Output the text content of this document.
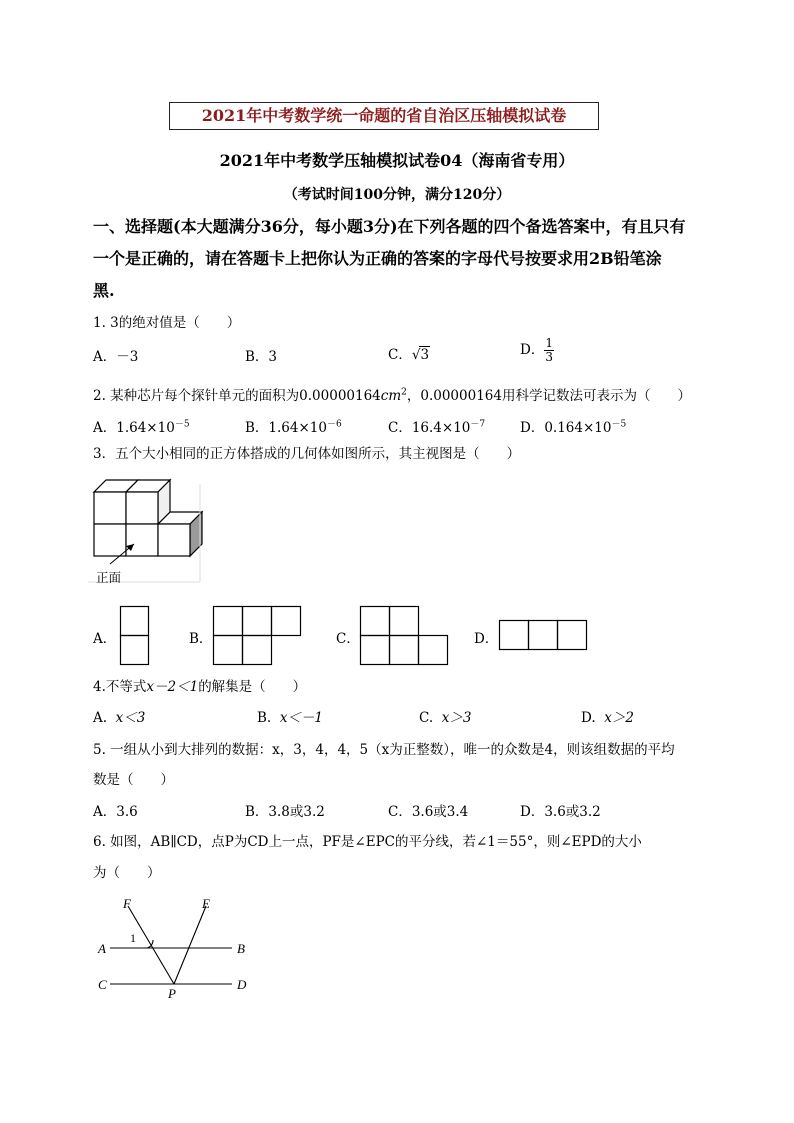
2021年中考数学统一命题的省自治区压轴模拟试卷
2021年中考数学压轴模拟试卷04（海南省专用）
（考试时间100分钟，满分120分）
一、选择题(本大题满分36分，每小题3分)在下列各题的四个备选答案中，有且只有
一个是正确的，请在答题卡上把你认为正确的答案的字母代号按要求用2B铅笔涂
黑.
1. 3的绝对值是（　　）
A．－3	B．3	C．√3	D． $\frac{1}{3}$
2. 某种芯片每个探针单元的面积为$0.00000164cm^2$，0.00000164用科学记数法可表示为（　　）
A．$1.64\times 10^{-5}$	B．$1.64\times 10^{-6}$	C．$16.4\times 10^{-7}$	D．$0.164\times 10^{-5}$
3．五个大小相同的正方体搭成的几何体如图所示，其主视图是（　　）
正面
A．	B．	C．	D．
4.不等式x－2＜1的解集是（　　）
A. x＜3	B. x＜－1	C. x＞3	D. x＞2
5. 一组从小到大排列的数据：x，3，4，4，5（x为正整数），唯一的众数是4，则该组数据的平均
数是（　　）
A．3.6	B．3.8或3.2	C．3.6或3.4	D．3.6或3.2
6. 如图，AB∥CD，点P为CD上一点，PF是∠EPC的平分线，若∠1＝55°，则∠EPD的大小
为（　　）
F	E
A	B
C	D
P
1
